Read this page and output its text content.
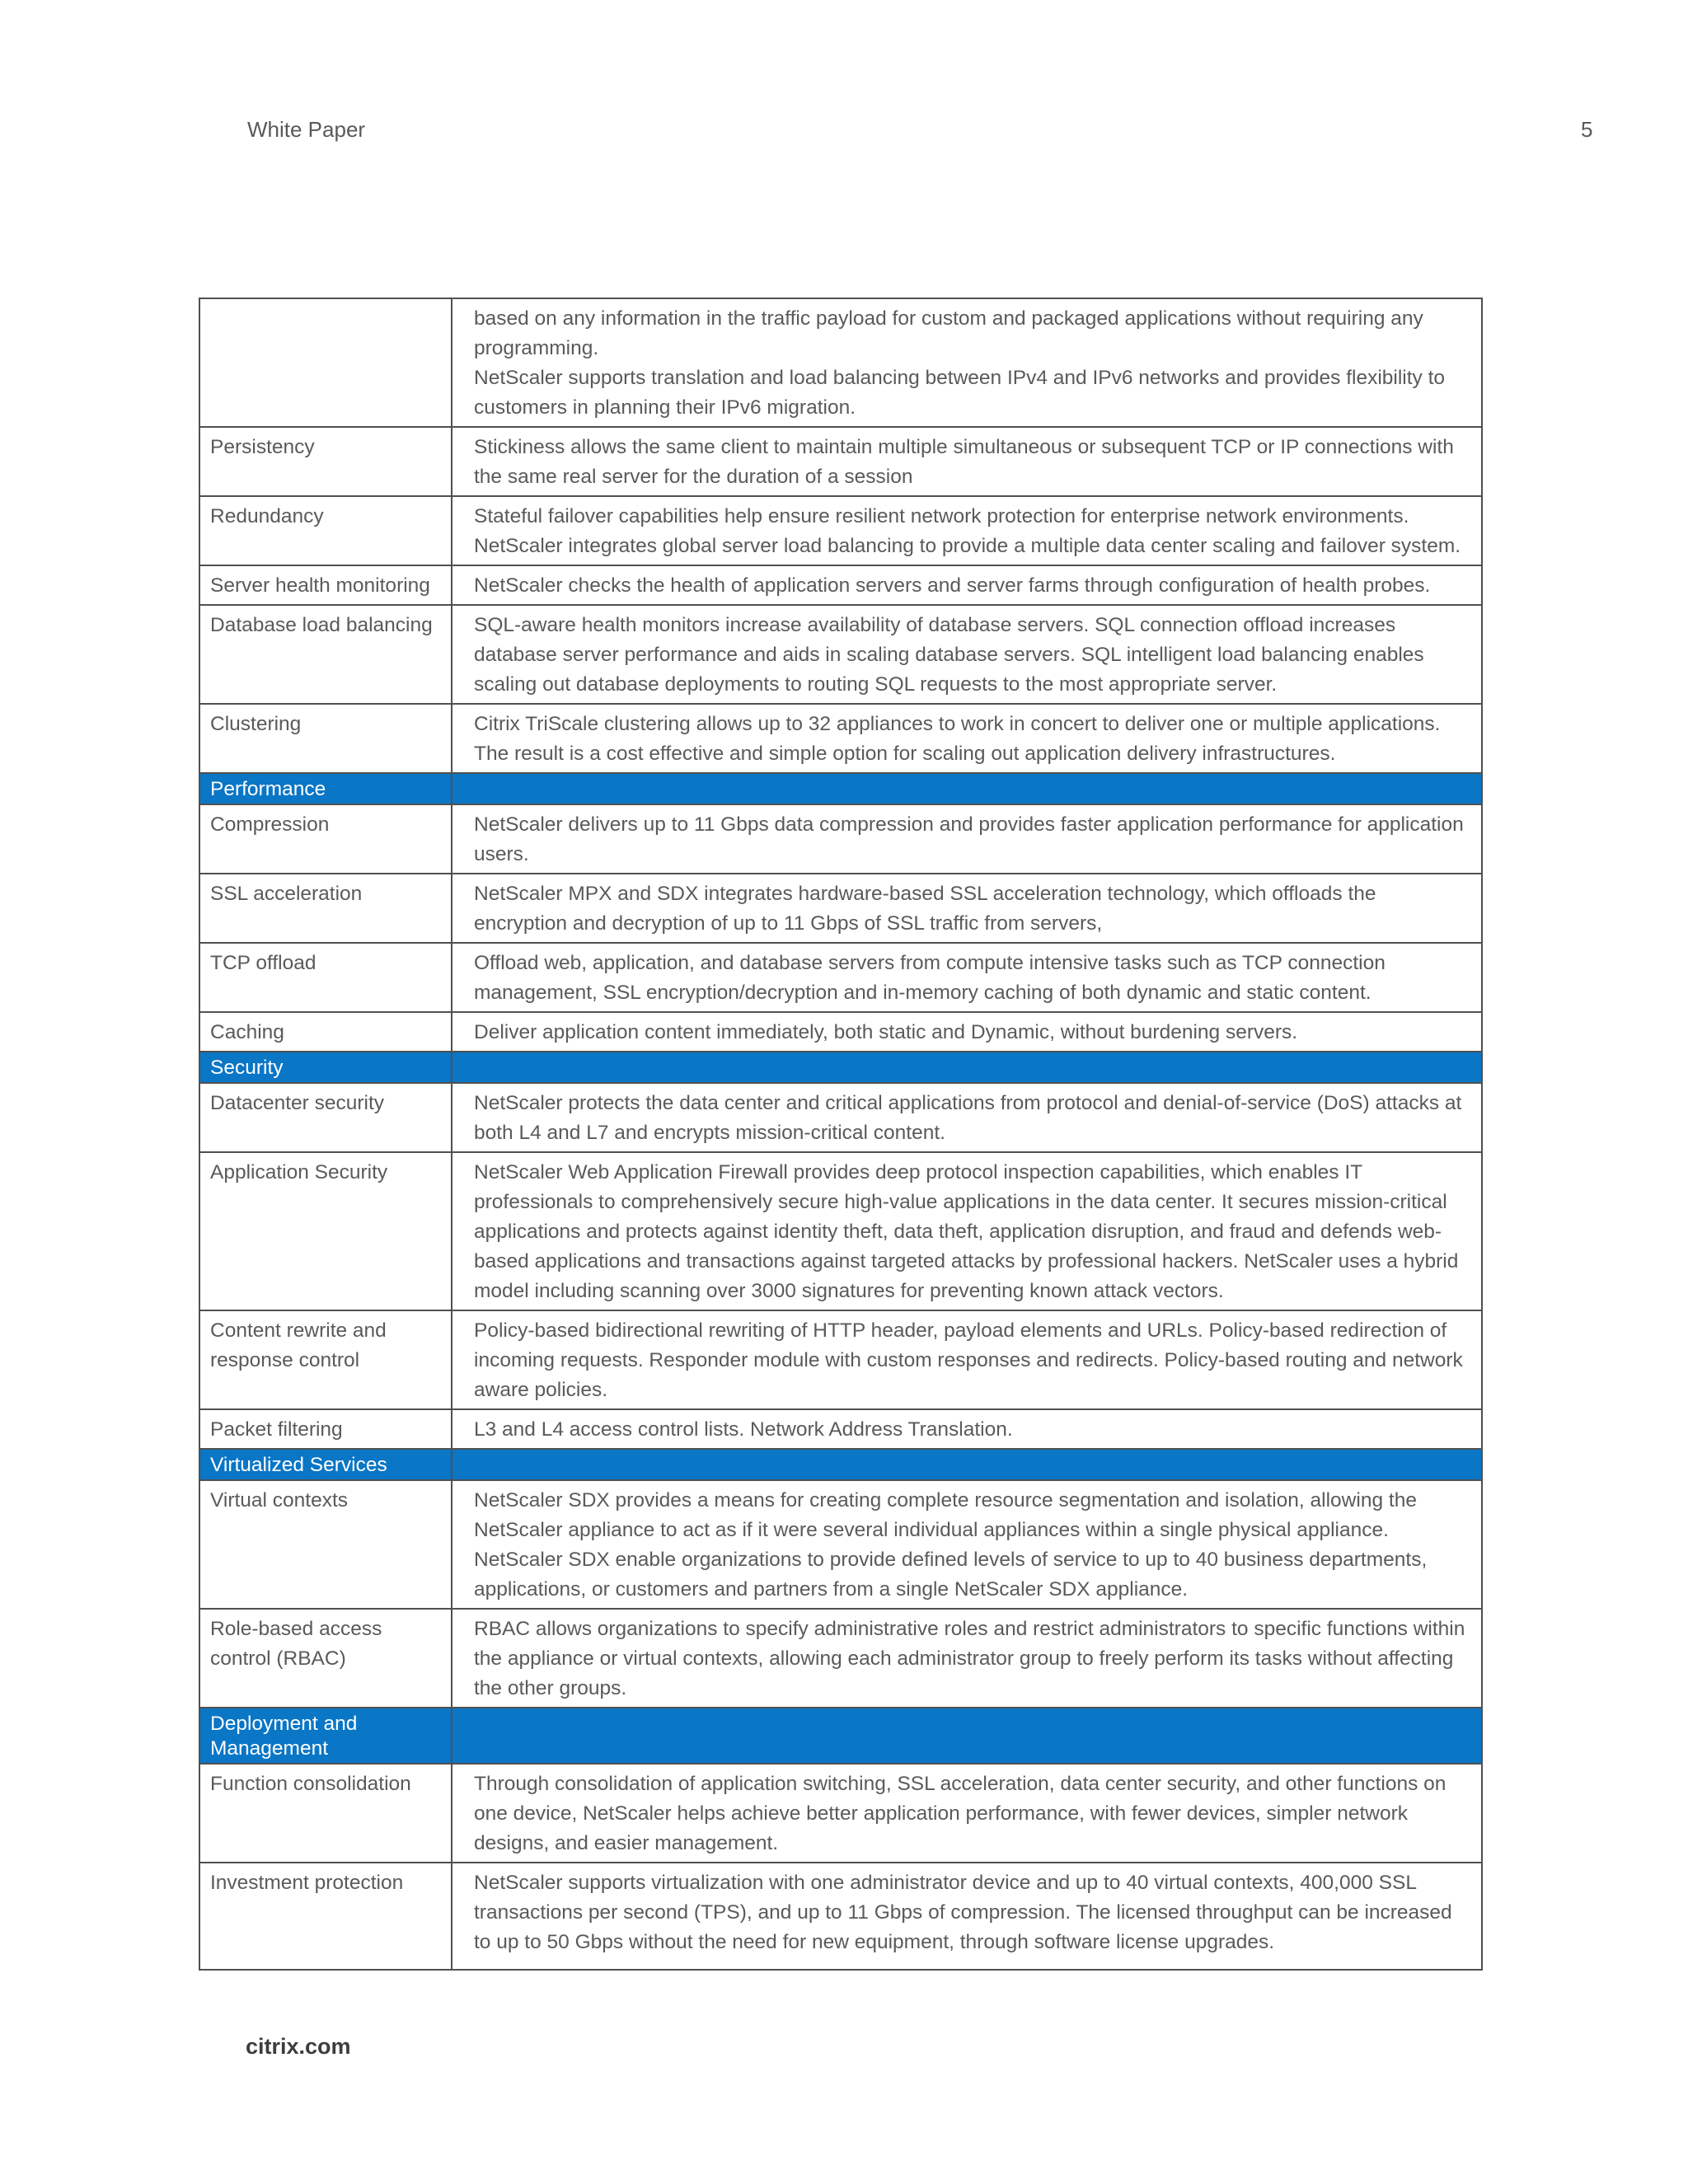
White Paper	5

	based on any information in the traffic payload for custom and packaged applications without requiring any programming.

NetScaler supports translation and load balancing between IPv4 and IPv6 networks and provides flexibility to customers in planning their IPv6 migration.

Persistency	Stickiness allows the same client to maintain multiple simultaneous or subsequent TCP or IP connections with the same real server for the duration of a session

Redundancy	Stateful failover capabilities help ensure resilient network protection for enterprise network environments. NetScaler integrates global server load balancing to provide a multiple data center scaling and failover system.

Server health monitoring	NetScaler checks the health of application servers and server farms through configuration of health probes.

Database load balancing	SQL-aware health monitors increase availability of database servers. SQL connection offload increases database server performance and aids in scaling database servers. SQL intelligent load balancing enables scaling out database deployments to routing SQL requests to the most appropriate server.

Clustering	Citrix TriScale clustering allows up to 32 appliances to work in concert to deliver one or multiple applications. The result is a cost effective and simple option for scaling out application delivery infrastructures.

Performance	
Compression	NetScaler delivers up to 11 Gbps data compression and provides faster application performance for application users.

SSL acceleration	NetScaler MPX and SDX integrates hardware-based SSL acceleration technology, which offloads the encryption and decryption of up to 11 Gbps of SSL traffic from servers,

TCP offload	Offload web, application, and database servers from compute intensive tasks such as TCP connection management, SSL encryption/decryption and in-memory caching of both dynamic and static content.

Caching	Deliver application content immediately, both static and Dynamic, without burdening servers.

Security	
Datacenter security	NetScaler protects the data center and critical applications from protocol and denial-of-service (DoS) attacks at both L4 and L7 and encrypts mission-critical content.

Application Security	NetScaler Web Application Firewall provides deep protocol inspection capabilities, which enables IT professionals to comprehensively secure high-value applications in the data center. It secures mission-critical applications and protects against identity theft, data theft, application disruption, and fraud and defends web-based applications and transactions against targeted attacks by professional hackers. NetScaler uses a hybrid model including scanning over 3000 signatures for preventing known attack vectors.

Content rewrite and response control	Policy-based bidirectional rewriting of HTTP header, payload elements and URLs. Policy-based redirection of incoming requests. Responder module with custom responses and redirects. Policy-based routing and network aware policies.

Packet filtering	L3 and L4 access control lists. Network Address Translation.

Virtualized Services	
Virtual contexts	NetScaler SDX provides a means for creating complete resource segmentation and isolation, allowing the NetScaler appliance to act as if it were several individual appliances within a single physical appliance. NetScaler SDX enable organizations to provide defined levels of service to up to 40 business departments, applications, or customers and partners from a single NetScaler SDX appliance.

Role-based access control (RBAC)	RBAC allows organizations to specify administrative roles and restrict administrators to specific functions within the appliance or virtual contexts, allowing each administrator group to freely perform its tasks without affecting the other groups.

Deployment and Management	
Function consolidation	Through consolidation of application switching, SSL acceleration, data center security, and other functions on one device, NetScaler helps achieve better application performance, with fewer devices, simpler network designs, and easier management.

Investment protection	NetScaler supports virtualization with one administrator device and up to 40 virtual contexts, 400,000 SSL transactions per second (TPS), and up to 11 Gbps of compression. The licensed throughput can be increased to up to 50 Gbps without the need for new equipment, through software license upgrades.

citrix.com
